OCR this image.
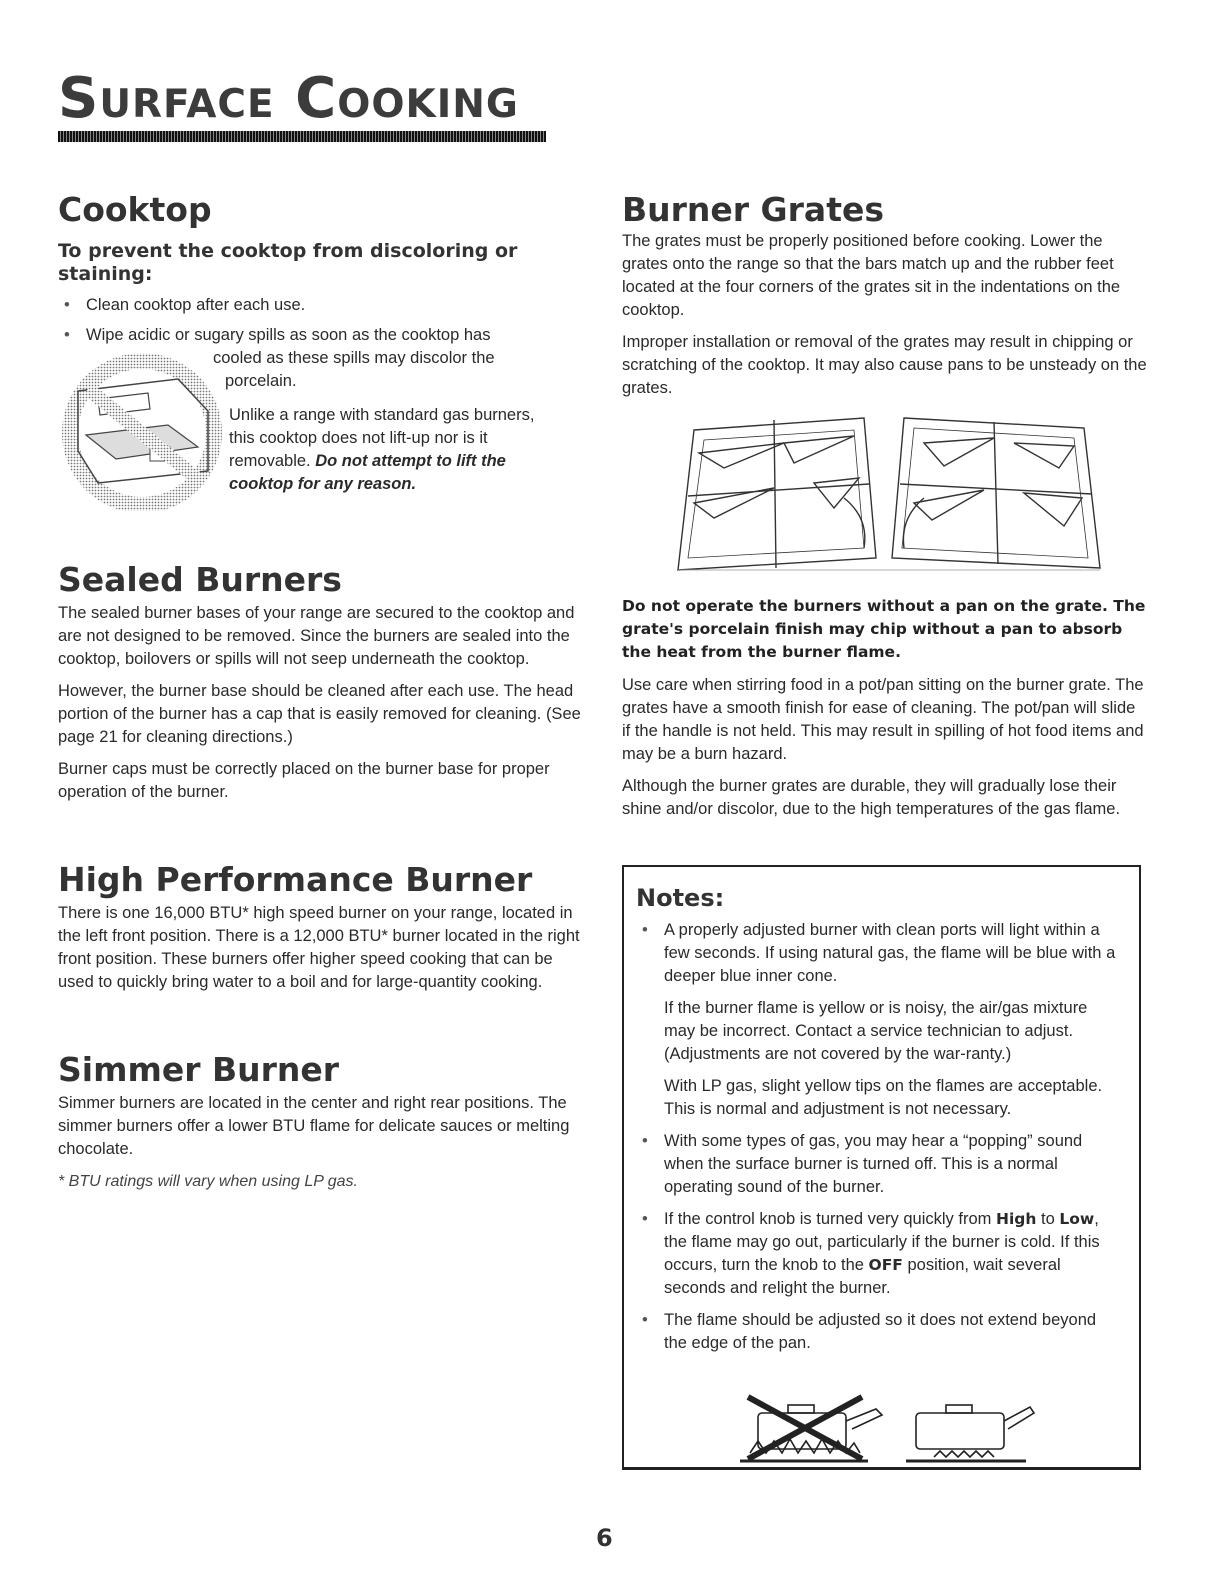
Surface Cooking
Cooktop
To prevent the cooktop from discoloring or staining:
• Clean cooktop after each use.
• Wipe acidic or sugary spills as soon as the cooktop has

cooled as these spills may discolor the

porcelain.

Unlike a range with standard gas burners,

this cooktop does not lift-up nor is it

removable. Do not attempt to lift the

cooktop for any reason.

Sealed Burners

The sealed burner bases of your range are secured to the cooktop and are not designed to be removed. Since the burners are sealed into the cooktop, boilovers or spills will not seep underneath the cooktop.

However, the burner base should be cleaned after each use. The head portion of the burner has a cap that is easily removed for cleaning. (See page 21 for cleaning directions.)

Burner caps must be correctly placed on the burner base for proper operation of the burner.

High Performance Burner

There is one 16,000 BTU* high speed burner on your range, located in the left front position. There is a 12,000 BTU* burner located in the right front position. These burners offer higher speed cooking that can be used to quickly bring water to a boil and for large-quantity cooking.

Simmer Burner

Simmer burners are located in the center and right rear positions. The simmer burners offer a lower BTU flame for delicate sauces or melting chocolate.

* BTU ratings will vary when using LP gas.

Burner Grates

The grates must be properly positioned before cooking. Lower the grates onto the range so that the bars match up and the rubber feet located at the four corners of the grates sit in the indentations on the cooktop.

Improper installation or removal of the grates may result in chipping or scratching of the cooktop. It may also cause pans to be unsteady on the grates.

Do not operate the burners without a pan on the grate. The grate's porcelain finish may chip without a pan to absorb the heat from the burner flame.

Use care when stirring food in a pot/pan sitting on the burner grate. The grates have a smooth finish for ease of cleaning. The pot/pan will slide if the handle is not held. This may result in spilling of hot food items and may be a burn hazard.

Although the burner grates are durable, they will gradually lose their shine and/or discolor, due to the high temperatures of the gas flame.

Notes:
• A properly adjusted burner with clean ports will light within a few seconds. If using natural gas, the flame will be blue with a deeper blue inner cone.

If the burner flame is yellow or is noisy, the air/gas mixture may be incorrect. Contact a service technician to adjust. (Adjustments are not covered by the war-ranty.)

With LP gas, slight yellow tips on the flames are acceptable. This is normal and adjustment is not necessary.

• With some types of gas, you may hear a “popping” sound when the surface burner is turned off. This is a normal operating sound of the burner.
• If the control knob is turned very quickly from High to Low, the flame may go out, particularly if the burner is cold. If this occurs, turn the knob to the OFF position, wait several seconds and relight the burner.
• The flame should be adjusted so it does not extend beyond the edge of the pan.
6
